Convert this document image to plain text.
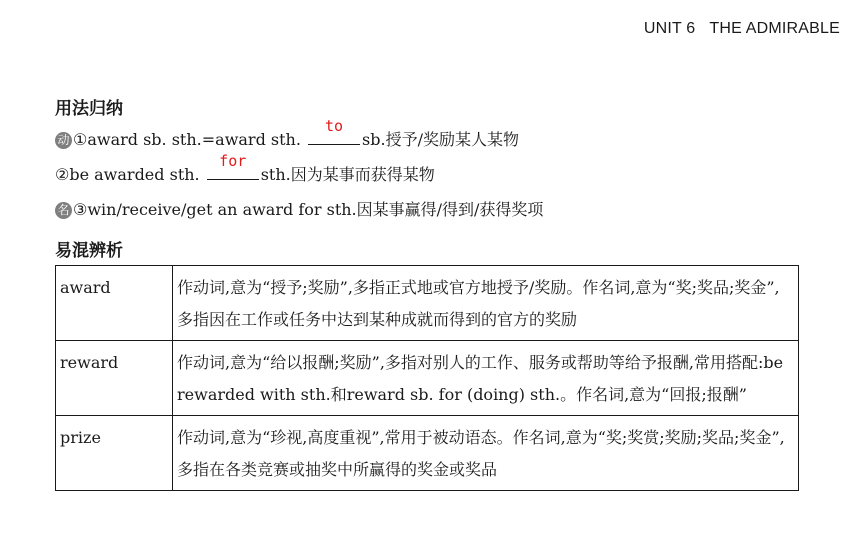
UNIT 6 THE ADMIRABLE
用法归纳
动 ①award sb. sth.=award sth.
to
sb.授予/奖励某人某物
②be awarded sth.
for
sth.因为某事而获得某物
名 ③win/receive/get an award for sth.因某事赢得/得到/获得奖项
易混辨析
award	作动词,意为“授予;奖励”,多指正式地或官方地授予/奖励。作名词,意为“奖;奖品;奖金”,多指因在工作或任务中达到某种成就而得到的官方的奖励
reward	作动词,意为“给以报酬;奖励”,多指对别人的工作、服务或帮助等给予报酬,常用搭配:be rewarded with sth.和reward sb. for (doing) sth.。作名词,意为“回报;报酬”
prize	作动词,意为“珍视,高度重视”,常用于被动语态。作名词,意为“奖;奖赏;奖励;奖品;奖金”,多指在各类竞赛或抽奖中所赢得的奖金或奖品
